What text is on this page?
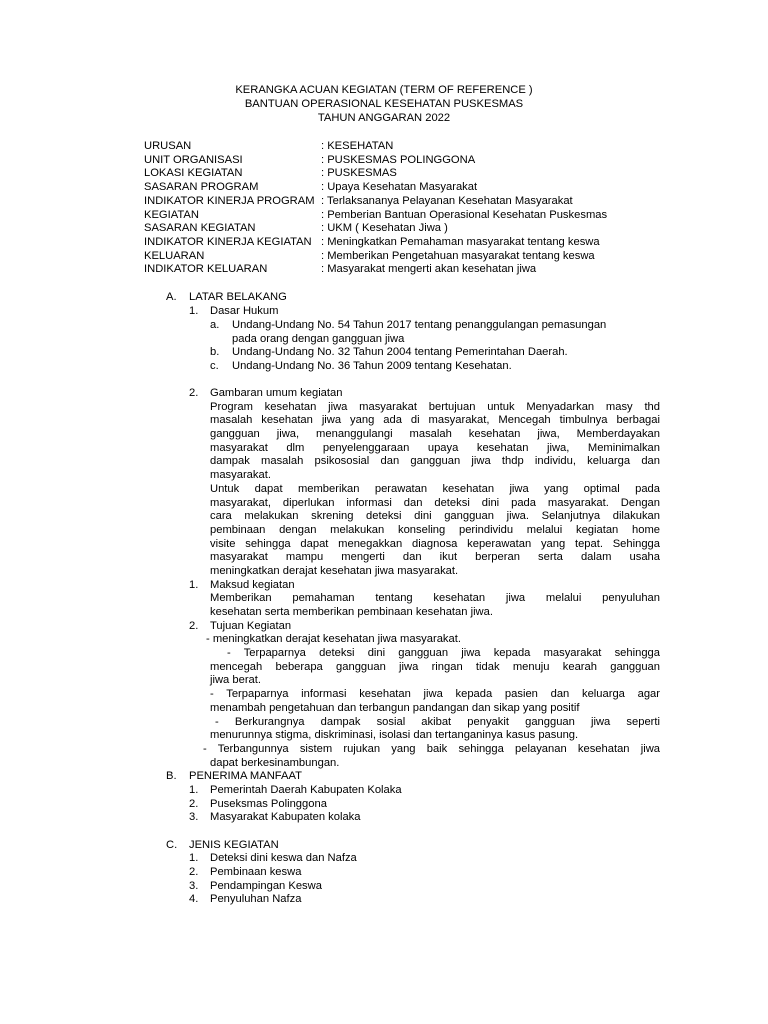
KERANGKA ACUAN KEGIATAN (TERM OF REFERENCE )
BANTUAN OPERASIONAL KESEHATAN PUSKESMAS
TAHUN ANGGARAN 2022
URUSAN	: KESEHATAN
UNIT ORGANISASI	: PUSKESMAS POLINGGONA
LOKASI KEGIATAN	: PUSKESMAS
SASARAN PROGRAM	: Upaya Kesehatan Masyarakat
INDIKATOR KINERJA PROGRAM : Terlaksananya Pelayanan Kesehatan Masyarakat
KEGIATAN	: Pemberian Bantuan Operasional Kesehatan Puskesmas
SASARAN KEGIATAN	: UKM ( Kesehatan Jiwa )
INDIKATOR KINERJA KEGIATAN : Meningkatkan Pemahaman masyarakat tentang keswa
KELUARAN	: Memberikan Pengetahuan masyarakat tentang keswa
INDIKATOR KELUARAN	: Masyarakat mengerti akan kesehatan jiwa
A. LATAR BELAKANG
1. Dasar Hukum
a. Undang-Undang No. 54 Tahun 2017 tentang penanggulangan pemasungan
pada orang dengan gangguan jiwa
b. Undang-Undang No. 32 Tahun 2004 tentang Pemerintahan Daerah.
c. Undang-Undang No. 36 Tahun 2009 tentang Kesehatan.
2. Gambaran umum kegiatan
Program kesehatan jiwa masyarakat bertujuan untuk Menyadarkan masy thd
masalah kesehatan jiwa yang ada di masyarakat, Mencegah timbulnya berbagai
gangguan jiwa, menanggulangi masalah kesehatan jiwa, Memberdayakan
masyarakat dlm penyelenggaraan upaya kesehatan jiwa, Meminimalkan
dampak masalah psikososial dan gangguan jiwa thdp individu, keluarga dan
masyarakat.
Untuk dapat memberikan perawatan kesehatan jiwa yang optimal pada
masyarakat, diperlukan informasi dan deteksi dini pada masyarakat. Dengan
cara melakukan skrening deteksi dini gangguan jiwa. Selanjutnya dilakukan
pembinaan dengan melakukan konseling perindividu melalui kegiatan home
visite sehingga dapat menegakkan diagnosa keperawatan yang tepat. Sehingga
masyarakat mampu mengerti dan ikut berperan serta dalam usaha
meningkatkan derajat kesehatan jiwa masyarakat.
1. Maksud kegiatan
Memberikan pemahaman tentang kesehatan jiwa melalui penyuluhan
kesehatan serta memberikan pembinaan kesehatan jiwa.
2. Tujuan Kegiatan
- meningkatkan derajat kesehatan jiwa masyarakat.
- Terpaparnya deteksi dini gangguan jiwa kepada masyarakat sehingga
mencegah beberapa gangguan jiwa ringan tidak menuju kearah gangguan
jiwa berat.
- Terpaparnya informasi kesehatan jiwa kepada pasien dan keluarga agar
menambah pengetahuan dan terbangun pandangan dan sikap yang positif
- Berkurangnya dampak sosial akibat penyakit gangguan jiwa seperti
menurunnya stigma, diskriminasi, isolasi dan tertanganinya kasus pasung.
- Terbangunnya sistem rujukan yang baik sehingga pelayanan kesehatan jiwa
dapat berkesinambungan.
B. PENERIMA MANFAAT
1. Pemerintah Daerah Kabupaten Kolaka
2. Puseksmas Polinggona
3. Masyarakat Kabupaten kolaka
C. JENIS KEGIATAN
1. Deteksi dini keswa dan Nafza
2. Pembinaan keswa
3. Pendampingan Keswa
4. Penyuluhan Nafza
